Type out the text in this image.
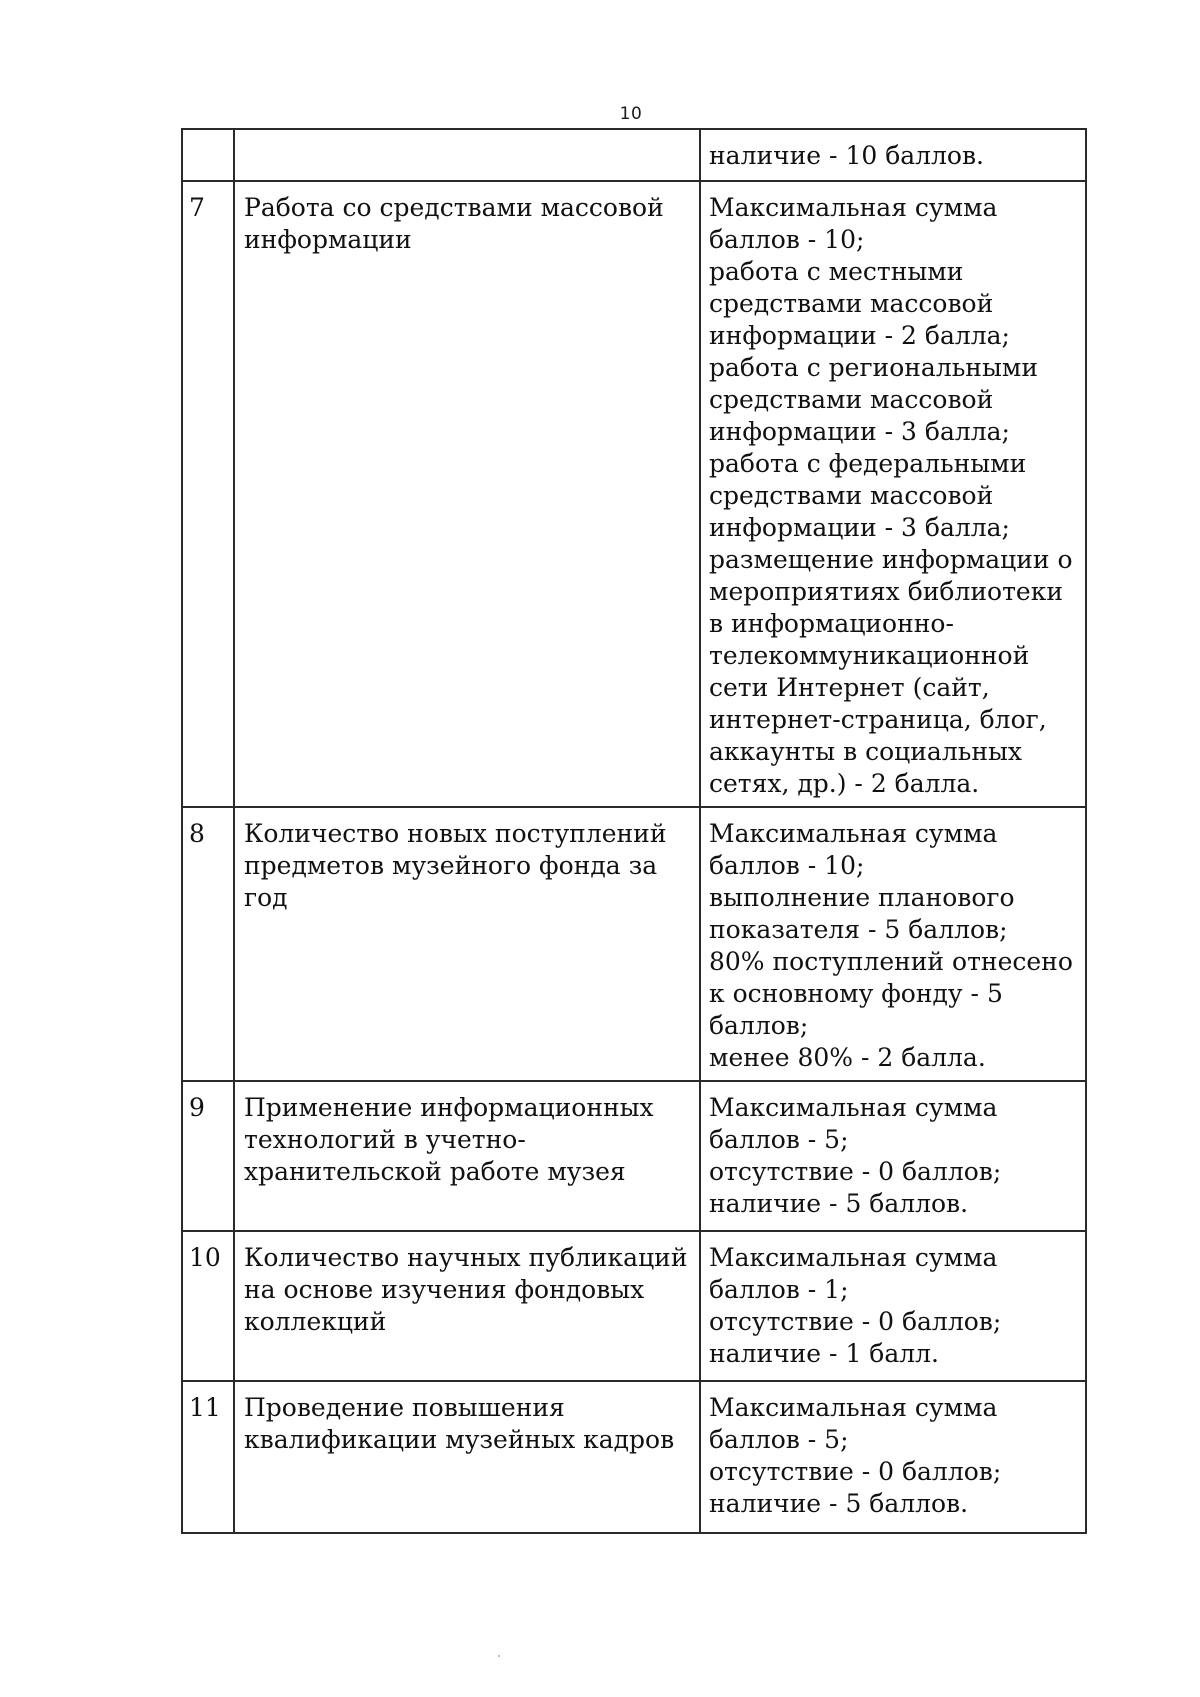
10

		наличие - 10 баллов.

7	Работа со средствами массовой информации	Максимальная сумма баллов - 10;
работа с местными средствами массовой информации - 2 балла;
работа с региональными средствами массовой информации - 3 балла;
работа с федеральными средствами массовой информации - 3 балла;
размещение информации о мероприятиях библиотеки в информационно-телекоммуникационной сети Интернет (сайт, интернет-страница, блог, аккаунты в социальных сетях, др.) - 2 балла.

8	Количество новых поступлений предметов музейного фонда за год	Максимальная сумма баллов - 10;
выполнение планового показателя - 5 баллов;
80% поступлений отнесено к основному фонду - 5 баллов;
менее 80% - 2 балла.

9	Применение информационных технологий в учетно-хранительской работе музея	Максимальная сумма баллов - 5;
отсутствие - 0 баллов;
наличие - 5 баллов.

10	Количество научных публикаций на основе изучения фондовых коллекций	Максимальная сумма баллов - 1;
отсутствие - 0 баллов;
наличие - 1 балл.

11	Проведение повышения квалификации музейных кадров	Максимальная сумма баллов - 5;
отсутствие - 0 баллов;
наличие - 5 баллов.
